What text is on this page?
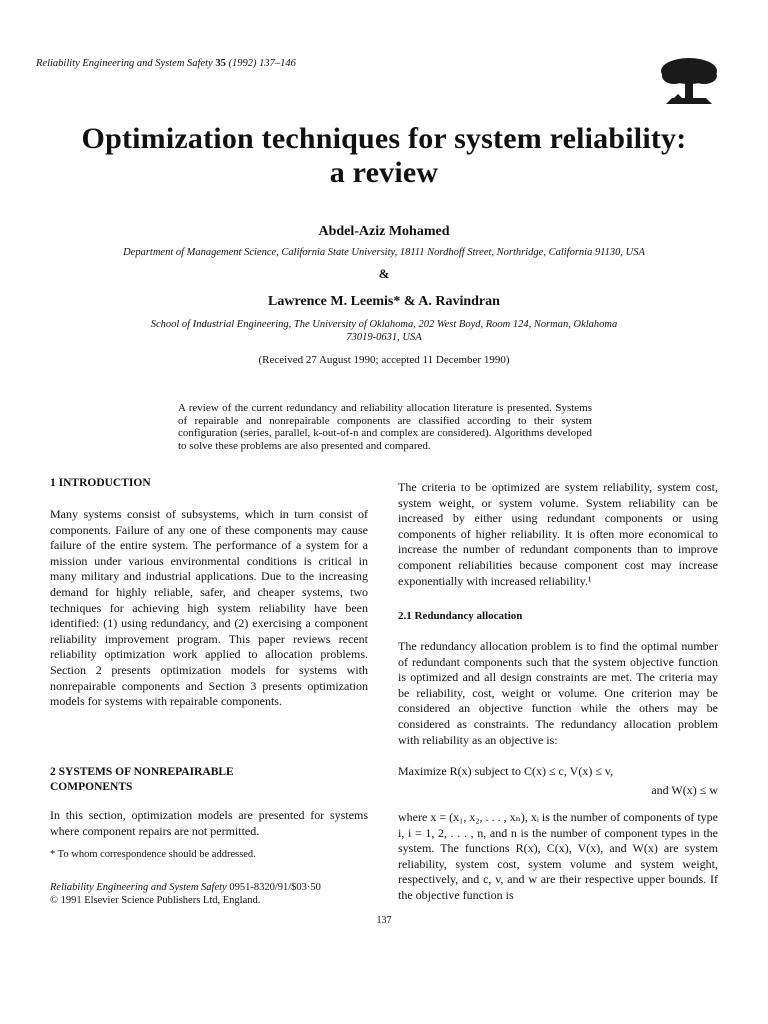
Reliability Engineering and System Safety 35 (1992) 137–146
Optimization techniques for system reliability:
a review
Abdel-Aziz Mohamed
Department of Management Science, California State University, 18111 Nordhoff Street, Northridge, California 91130, USA
&
Lawrence M. Leemis* & A. Ravindran
School of Industrial Engineering, The University of Oklahoma, 202 West Boyd, Room 124, Norman, Oklahoma
73019-0631, USA
(Received 27 August 1990; accepted 11 December 1990)
A review of the current redundancy and reliability allocation literature is presented. Systems of repairable and nonrepairable components are classified according to their system configuration (series, parallel, k-out-of-n and complex are considered). Algorithms developed to solve these problems are also presented and compared.
1 INTRODUCTION
Many systems consist of subsystems, which in turn consist of components. Failure of any one of these components may cause failure of the entire system. The performance of a system for a mission under various environmental conditions is critical in many military and industrial applications. Due to the increasing demand for highly reliable, safer, and cheaper systems, two techniques for achieving high system reliability have been identified: (1) using redundancy, and (2) exercising a component reliability improvement program. This paper reviews recent reliability optimization work applied to allocation problems. Section 2 presents optimization models for systems with nonrepairable components and Section 3 presents optimization models for systems with repairable components.
2 SYSTEMS OF NONREPAIRABLE
COMPONENTS
In this section, optimization models are presented for systems where component repairs are not permitted.
* To whom correspondence should be addressed.
Reliability Engineering and System Safety 0951-8320/91/$03·50
© 1991 Elsevier Science Publishers Ltd, England.
The criteria to be optimized are system reliability, system cost, system weight, or system volume. System reliability can be increased by either using redundant components or using components of higher reliability. It is often more economical to increase the number of redundant components than to improve component reliabilities because component cost may increase exponentially with increased reliability.¹
2.1 Redundancy allocation
The redundancy allocation problem is to find the optimal number of redundant components such that the system objective function is optimized and all design constraints are met. The criteria may be reliability, cost, weight or volume. One criterion may be considered an objective function while the others may be considered as constraints. The redundancy allocation problem with reliability as an objective is:
Maximize R(x) subject to C(x) ≤ c, V(x) ≤ v,
and W(x) ≤ w
where x = (x₁, x₂, . . . , xₙ), xᵢ is the number of components of type i, i = 1, 2, . . . , n, and n is the number of component types in the system. The functions R(x), C(x), V(x), and W(x) are system reliability, system cost, system volume and system weight, respectively, and c, v, and w are their respective upper bounds. If the objective function is
137
